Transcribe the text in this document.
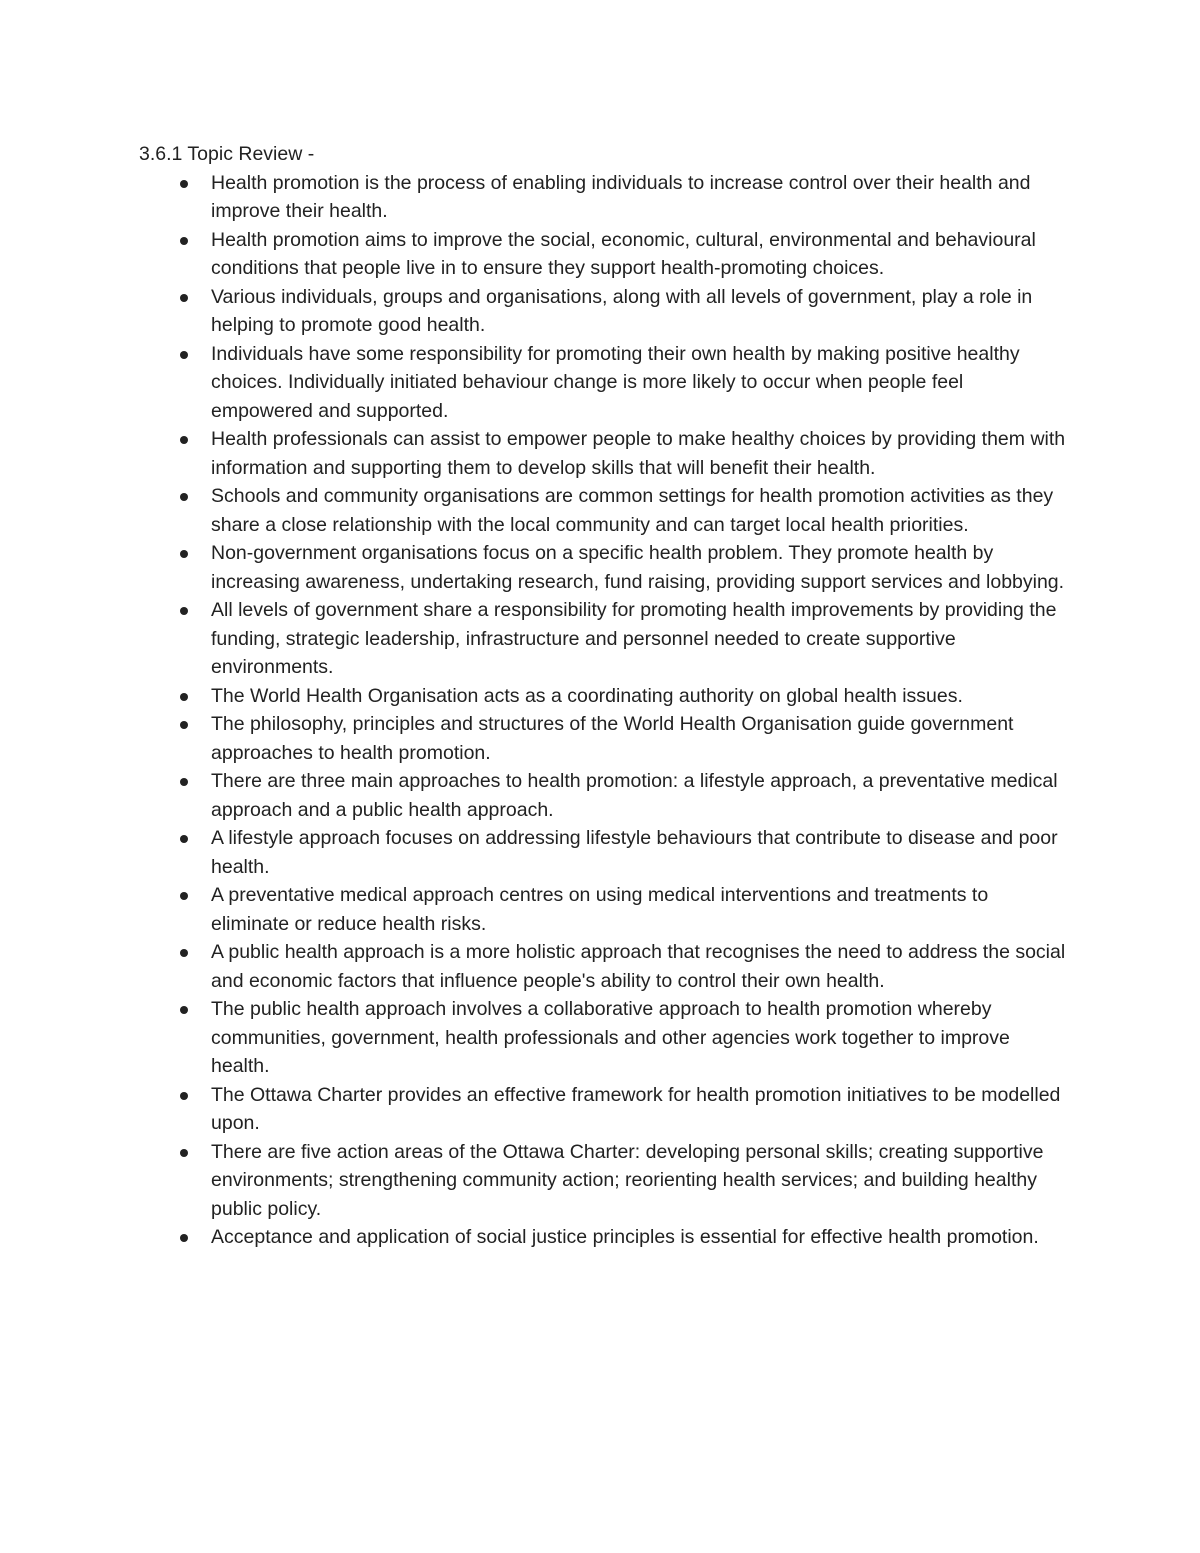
3.6.1 Topic Review -

Health promotion is the process of enabling individuals to increase control over their health and improve their health.
Health promotion aims to improve the social, economic, cultural, environmental and behavioural conditions that people live in to ensure they support health-promoting choices.
Various individuals, groups and organisations, along with all levels of government, play a role in helping to promote good health.
Individuals have some responsibility for promoting their own health by making positive healthy choices. Individually initiated behaviour change is more likely to occur when people feel empowered and supported.
Health professionals can assist to empower people to make healthy choices by providing them with information and supporting them to develop skills that will benefit their health.
Schools and community organisations are common settings for health promotion activities as they share a close relationship with the local community and can target local health priorities.
Non-government organisations focus on a specific health problem. They promote health by increasing awareness, undertaking research, fund raising, providing support services and lobbying.
All levels of government share a responsibility for promoting health improvements by providing the funding, strategic leadership, infrastructure and personnel needed to create supportive environments.
The World Health Organisation acts as a coordinating authority on global health issues.
The philosophy, principles and structures of the World Health Organisation guide government approaches to health promotion.
There are three main approaches to health promotion: a lifestyle approach, a preventative medical approach and a public health approach.
A lifestyle approach focuses on addressing lifestyle behaviours that contribute to disease and poor health.
A preventative medical approach centres on using medical interventions and treatments to eliminate or reduce health risks.
A public health approach is a more holistic approach that recognises the need to address the social and economic factors that influence people's ability to control their own health.
The public health approach involves a collaborative approach to health promotion whereby communities, government, health professionals and other agencies work together to improve health.
The Ottawa Charter provides an effective framework for health promotion initiatives to be modelled upon.
There are five action areas of the Ottawa Charter: developing personal skills; creating supportive environments; strengthening community action; reorienting health services; and building healthy public policy.
Acceptance and application of social justice principles is essential for effective health promotion.
